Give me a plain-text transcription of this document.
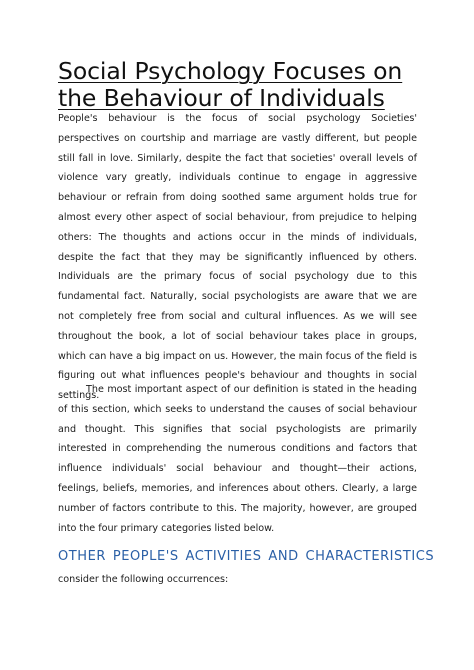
Social Psychology Focuses on the Behaviour of Individuals
People's behaviour is the focus of social psychology Societies' perspectives on courtship and marriage are vastly different, but people still fall in love. Similarly, despite the fact that societies' overall levels of violence vary greatly, individuals continue to engage in aggressive behaviour or refrain from doing soothed same argument holds true for almost every other aspect of social behaviour, from prejudice to helping others: The thoughts and actions occur in the minds of individuals, despite the fact that they may be significantly influenced by others. Individuals are the primary focus of social psychology due to this fundamental fact. Naturally, social psychologists are aware that we are not completely free from social and cultural influences. As we will see throughout the book, a lot of social behaviour takes place in groups, which can have a big impact on us. However, the main focus of the field is figuring out what influences people's behaviour and thoughts in social settings.
The most important aspect of our definition is stated in the heading of this section, which seeks to understand the causes of social behaviour and thought. This signifies that social psychologists are primarily interested in comprehending the numerous conditions and factors that influence individuals' social behaviour and thought—their actions, feelings, beliefs, memories, and inferences about others. Clearly, a large number of factors contribute to this. The majority, however, are grouped into the four primary categories listed below.
OTHER PEOPLE'S ACTIVITIES AND CHARACTERISTICS
consider the following occurrences:
